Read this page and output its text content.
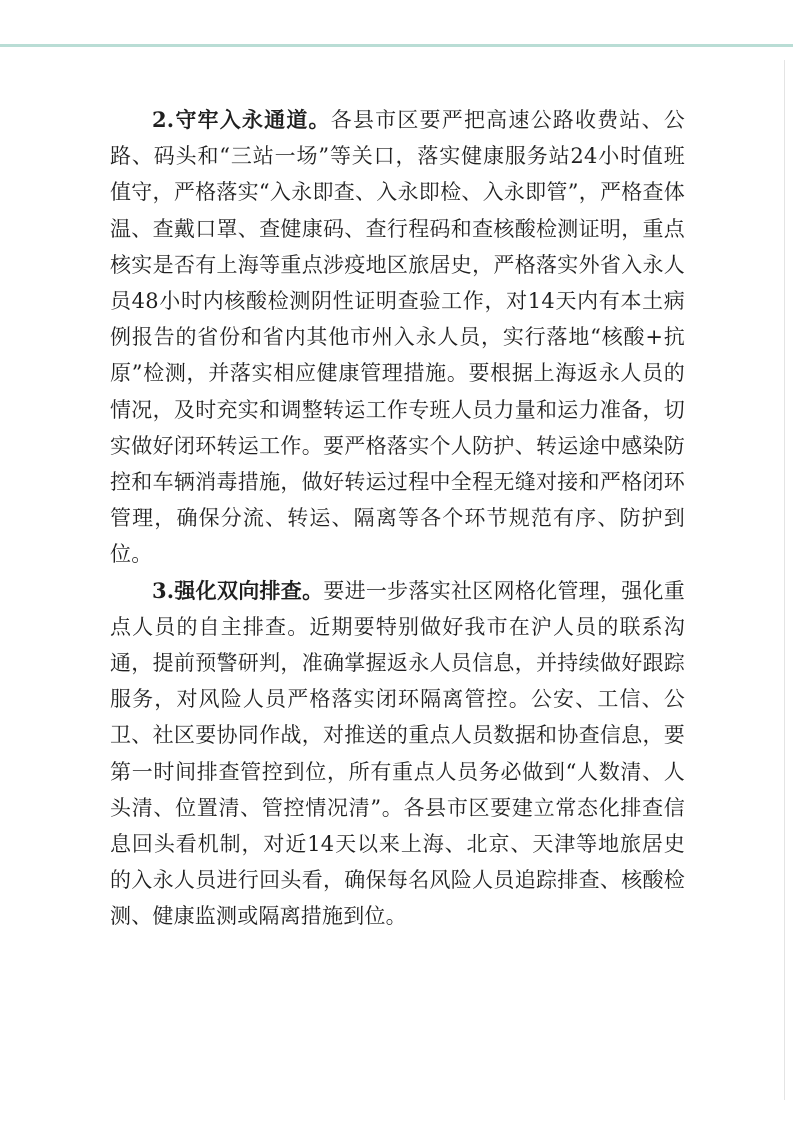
2.守牢入永通道。各县市区要严把高速公路收费站、公路、码头和“三站一场”等关口，落实健康服务站24小时值班值守，严格落实“入永即查、入永即检、入永即管”，严格查体温、查戴口罩、查健康码、查行程码和查核酸检测证明，重点核实是否有上海等重点涉疫地区旅居史，严格落实外省入永人员48小时内核酸检测阴性证明查验工作，对14天内有本土病例报告的省份和省内其他市州入永人员，实行落地“核酸+抗原”检测，并落实相应健康管理措施。要根据上海返永人员的情况，及时充实和调整转运工作专班人员力量和运力准备，切实做好闭环转运工作。要严格落实个人防护、转运途中感染防控和车辆消毒措施，做好转运过程中全程无缝对接和严格闭环管理，确保分流、转运、隔离等各个环节规范有序、防护到位。

3.强化双向排查。要进一步落实社区网格化管理，强化重点人员的自主排查。近期要特别做好我市在沪人员的联系沟通，提前预警研判，准确掌握返永人员信息，并持续做好跟踪服务，对风险人员严格落实闭环隔离管控。公安、工信、公卫、社区要协同作战，对推送的重点人员数据和协查信息，要第一时间排查管控到位，所有重点人员务必做到“人数清、人头清、位置清、管控情况清”。各县市区要建立常态化排查信息回头看机制，对近14天以来上海、北京、天津等地旅居史的入永人员进行回头看，确保每名风险人员追踪排查、核酸检测、健康监测或隔离措施到位。
